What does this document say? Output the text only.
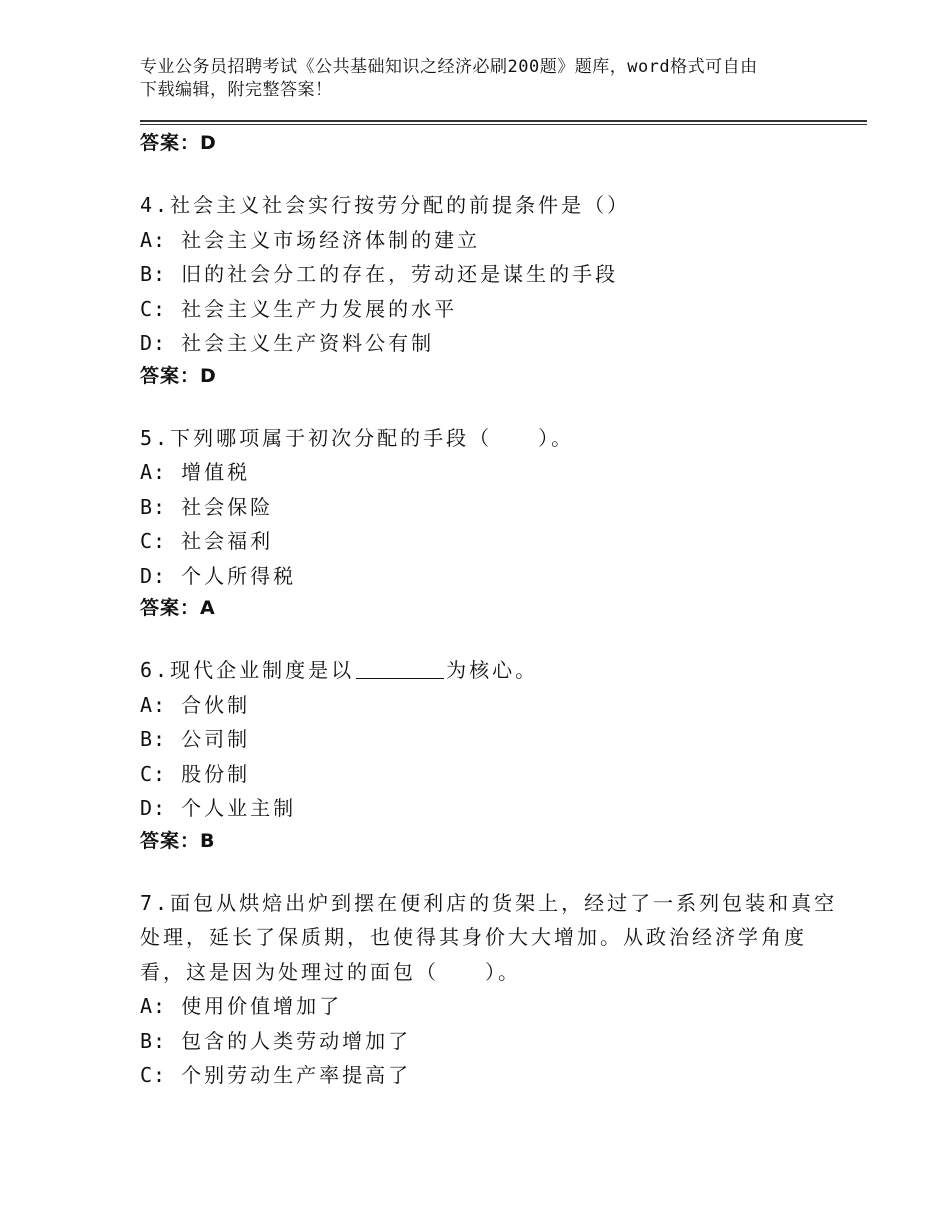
专业公务员招聘考试《公共基础知识之经济必刷200题》题库，word格式可自由
下载编辑，附完整答案！
答案：D
4.社会主义社会实行按劳分配的前提条件是（）
A: 社会主义市场经济体制的建立
B: 旧的社会分工的存在，劳动还是谋生的手段
C: 社会主义生产力发展的水平
D: 社会主义生产资料公有制
答案：D
5.下列哪项属于初次分配的手段（　　）。
A: 增值税
B: 社会保险
C: 社会福利
D: 个人所得税
答案：A
6.现代企业制度是以	为核心。
A: 合伙制
B: 公司制
C: 股份制
D: 个人业主制
答案：B
7.面包从烘焙出炉到摆在便利店的货架上，经过了一系列包装和真空
处理，延长了保质期，也使得其身价大大增加。从政治经济学角度
看，这是因为处理过的面包（　　）。
A: 使用价值增加了
B: 包含的人类劳动增加了
C: 个别劳动生产率提高了
